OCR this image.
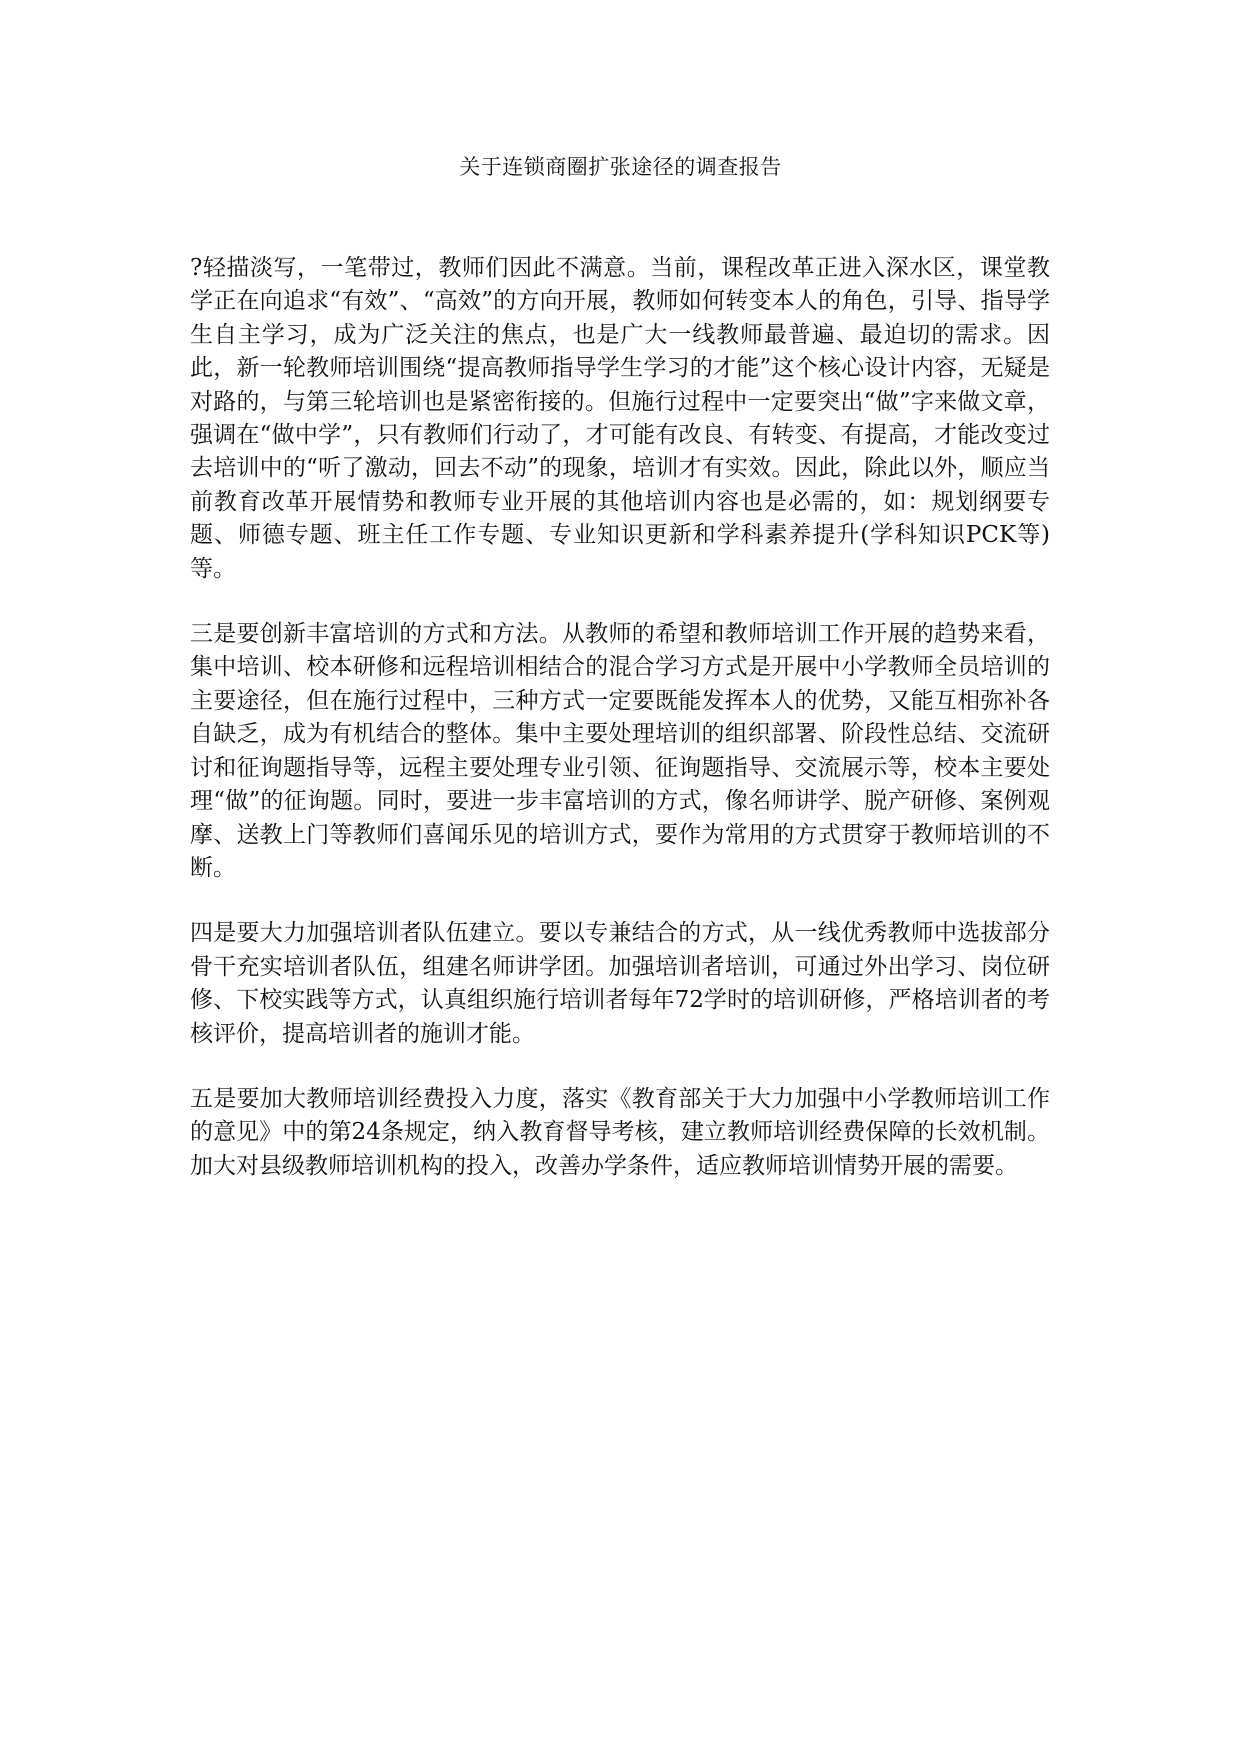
关于连锁商圈扩张途径的调查报告

?轻描淡写，一笔带过，教师们因此不满意。当前，课程改革正进入深水区，课堂教学正在向追求“有效”、“高效”的方向开展，教师如何转变本人的角色，引导、指导学生自主学习，成为广泛关注的焦点，也是广大一线教师最普遍、最迫切的需求。因此，新一轮教师培训围绕“提高教师指导学生学习的才能”这个核心设计内容，无疑是对路的，与第三轮培训也是紧密衔接的。但施行过程中一定要突出“做”字来做文章，强调在“做中学”，只有教师们行动了，才可能有改良、有转变、有提高，才能改变过去培训中的“听了激动，回去不动”的现象，培训才有实效。因此，除此以外，顺应当前教育改革开展情势和教师专业开展的其他培训内容也是必需的，如：规划纲要专题、师德专题、班主任工作专题、专业知识更新和学科素养提升(学科知识PCK等)等。

三是要创新丰富培训的方式和方法。从教师的希望和教师培训工作开展的趋势来看，集中培训、校本研修和远程培训相结合的混合学习方式是开展中小学教师全员培训的主要途径，但在施行过程中，三种方式一定要既能发挥本人的优势，又能互相弥补各自缺乏，成为有机结合的整体。集中主要处理培训的组织部署、阶段性总结、交流研讨和征询题指导等，远程主要处理专业引领、征询题指导、交流展示等，校本主要处理“做”的征询题。同时，要进一步丰富培训的方式，像名师讲学、脱产研修、案例观摩、送教上门等教师们喜闻乐见的培训方式，要作为常用的方式贯穿于教师培训的不断。

四是要大力加强培训者队伍建立。要以专兼结合的方式，从一线优秀教师中选拔部分骨干充实培训者队伍，组建名师讲学团。加强培训者培训，可通过外出学习、岗位研修、下校实践等方式，认真组织施行培训者每年72学时的培训研修，严格培训者的考核评价，提高培训者的施训才能。

五是要加大教师培训经费投入力度，落实《教育部关于大力加强中小学教师培训工作的意见》中的第24条规定，纳入教育督导考核，建立教师培训经费保障的长效机制。加大对县级教师培训机构的投入，改善办学条件，适应教师培训情势开展的需要。
